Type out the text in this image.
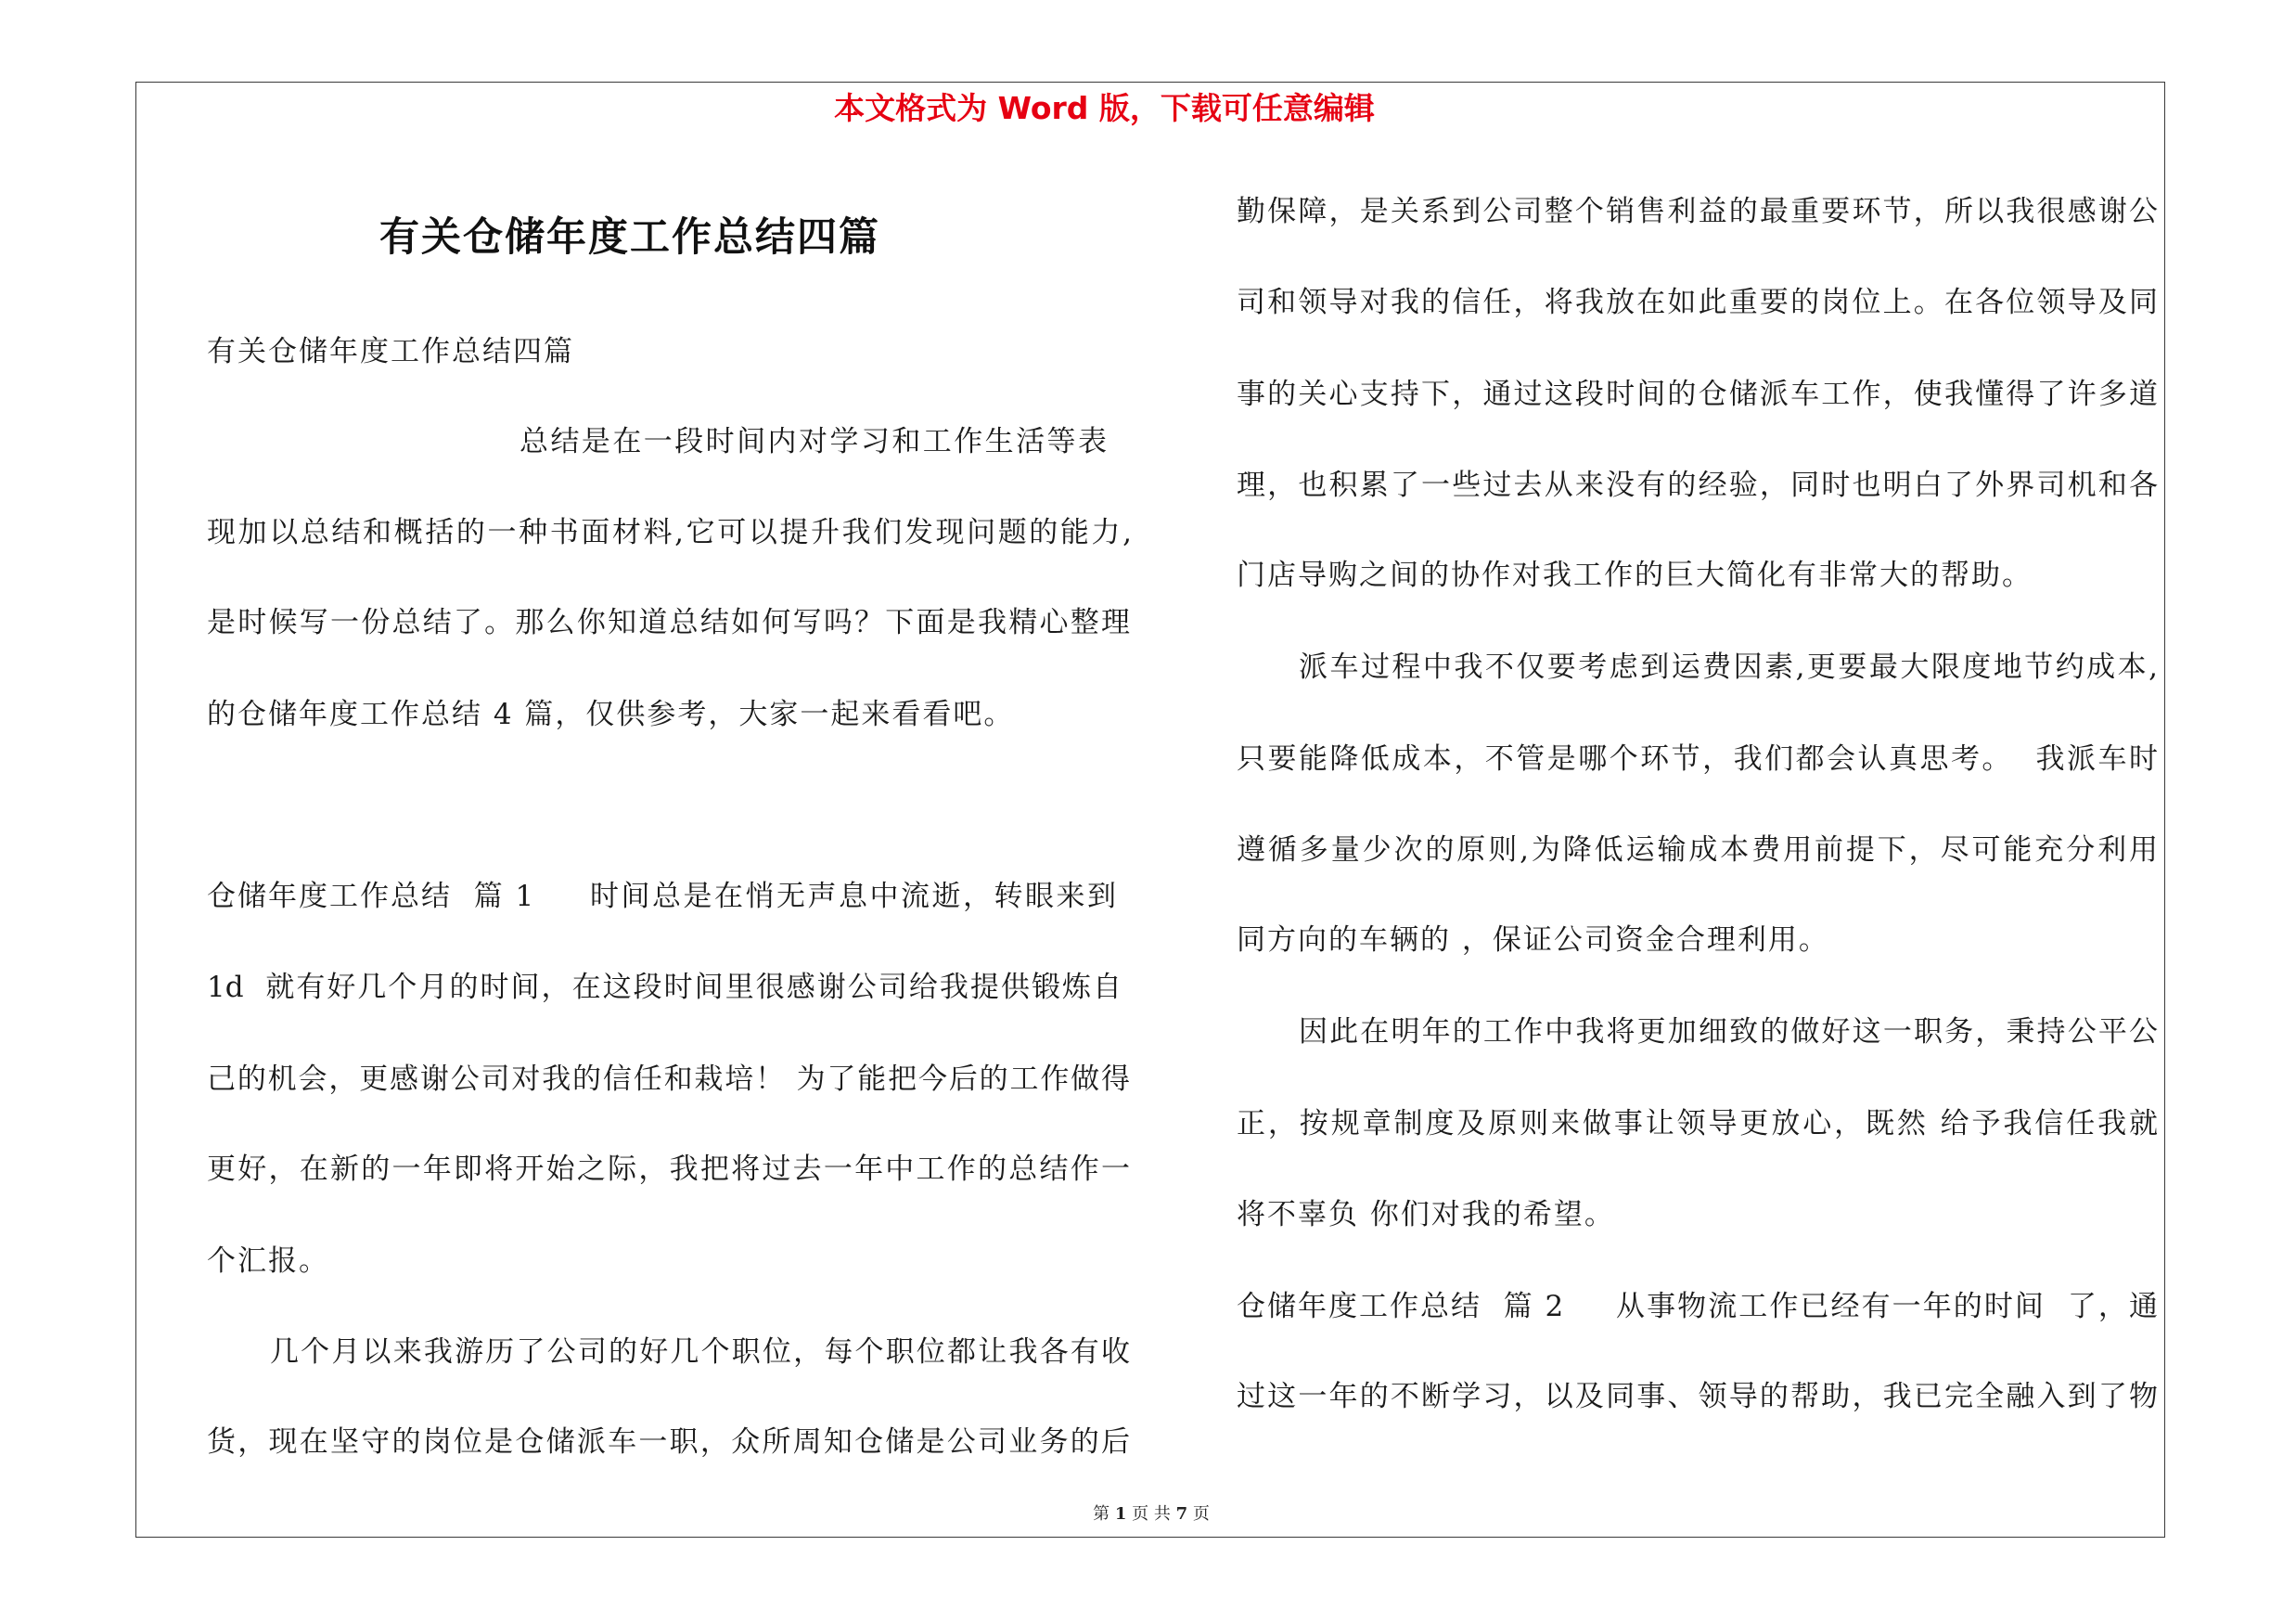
本文格式为 Word 版，下载可任意编辑
有关仓储年度工作总结四篇
有关仓储年度工作总结四篇
总结是在一段时间内对学习和工作生活等表
现加以总结和概括的一种书面材料,它可以提升我们发现问题的能力,
是时候写一份总结了。那么你知道总结如何写吗？下面是我精心整理
的仓储年度工作总结 4 篇，仅供参考，大家一起来看看吧。
仓储年度工作总结  篇 1 时间总是在悄无声息中流逝，转眼来到
1d  就有好几个月的时间，在这段时间里很感谢公司给我提供锻炼自
己的机会，更感谢公司对我的信任和栽培！ 为了能把今后的工作做得
更好，在新的一年即将开始之际，我把将过去一年中工作的总结作一
个汇报。
几个月以来我游历了公司的好几个职位，每个职位都让我各有收
货，现在坚守的岗位是仓储派车一职，众所周知仓储是公司业务的后
勤保障，是关系到公司整个销售利益的最重要环节，所以我很感谢公
司和领导对我的信任，将我放在如此重要的岗位上。在各位领导及同
事的关心支持下，通过这段时间的仓储派车工作，使我懂得了许多道
理，也积累了一些过去从来没有的经验，同时也明白了外界司机和各
门店导购之间的协作对我工作的巨大简化有非常大的帮助。
派车过程中我不仅要考虑到运费因素,更要最大限度地节约成本,
只要能降低成本，不管是哪个环节，我们都会认真思考。  我派车时
遵循多量少次的原则,为降低运输成本费用前提下，尽可能充分利用
同方向的车辆的 ，保证公司资金合理利用。
因此在明年的工作中我将更加细致的做好这一职务，秉持公平公
正，按规章制度及原则来做事让领导更放心，既然 给予我信任我就
将不辜负 你们对我的希望。
仓储年度工作总结  篇 2 从事物流工作已经有一年的时间  了，通
过这一年的不断学习，以及同事、领导的帮助，我已完全融入到了物
第 1 页 共 7 页
